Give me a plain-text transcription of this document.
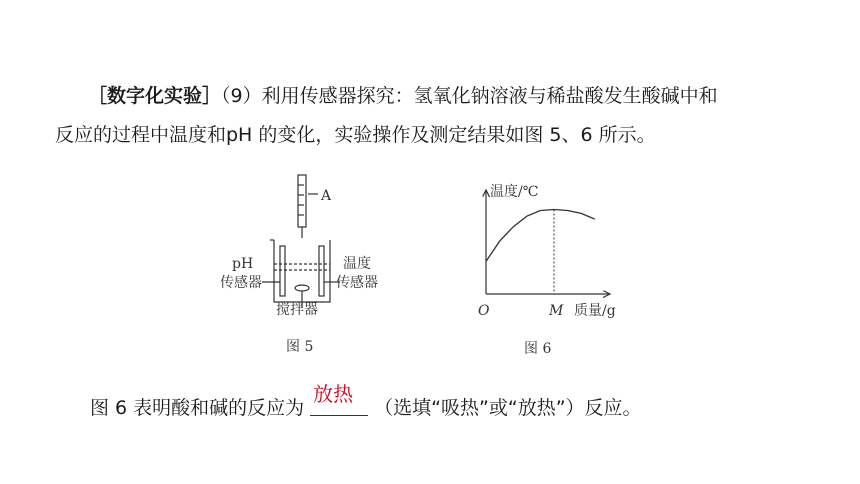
［数字化实验］（9）利用传感器探究：氢氧化钠溶液与稀盐酸发生酸碱中和
反应的过程中温度和pH 的变化，实验操作及测定结果如图 5、6 所示。
A
pH
传感器
温度
传感器
搅拌器
图 5
温度/℃
O	M 质量/g
图 6
图 6 表明酸和碱的反应为
放热
（选填“吸热”或“放热”）反应。
